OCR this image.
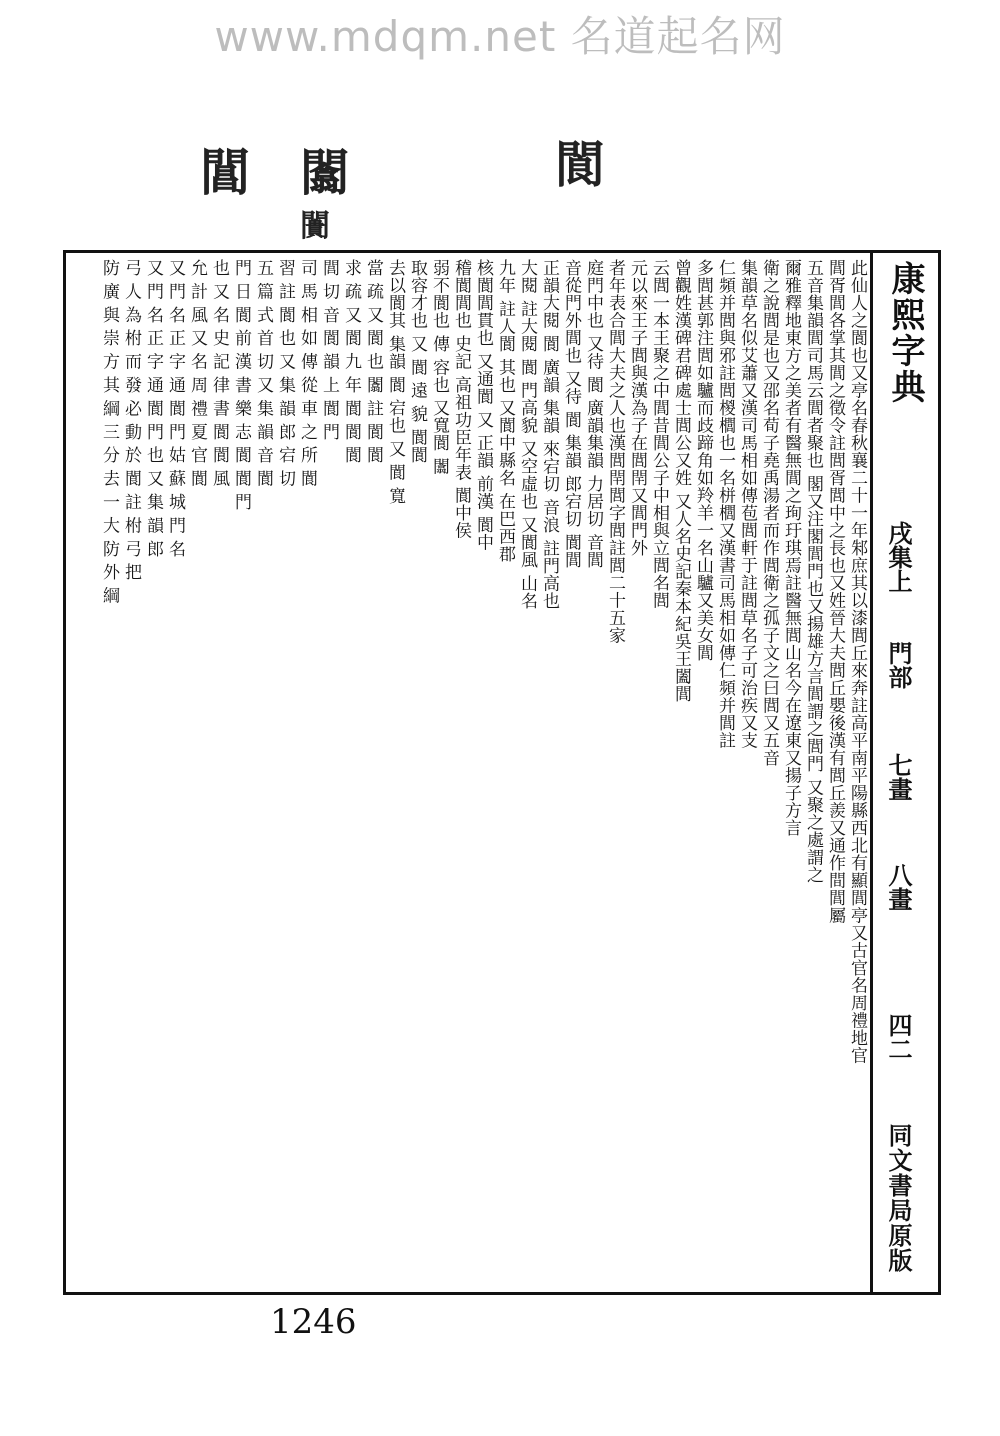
www.mdqm.net 名道起名网
閬
闟
闠
閶
康熙字典
戌集上
門部
七畫
八畫
四二
同文書局原版
此仙人之閬也又亭名春秋襄二十一年邾庶其以漆閭丘來奔註高平南平陽縣西北有顯閭亭又古官名周禮地官
閭胥閭各掌其閭之徵令註閭胥閭中之長也又姓晉大夫閭丘嬰後漢有閭丘羨又通作間閭屬
五音集韻閭司馬云閭者聚也 閣又注閣閭門也又揚雄方言閭謂之閭門 又聚之處謂之
爾雅釋地東方之美者有醫無閭之珣玗琪焉註醫無閭山名今在遼東又揚子方言
衛之說閭是也又邵名荀子堯禹湯者而作閭衛之孤子文之曰閭又五音
集韻草名似艾蕭又漢司馬相如傳苞閭軒于註閭草名子可治疾又支
仁頻并閭與邪註閭椶櫚也一名栟櫚又漢書司馬相如傳仁頻并閭註
多閭甚郭注閭如驢而歧蹄角如羚羊一名山驢又美女閭
曾觀姓漢碑君碑處士閭公又姓 又人名史記秦本紀吳王闔閭
云閭一本王聚之中閭昔閭公子中相與立閭名閭
元以來王子閭與漢為子在閭閈又閭門外
者年表合閭大夫之人也漢閭閈閭字閭註閭二十五家
庭門中也 又待 閬 廣韻集韻 力居切 音閭
音從門外閭也 又待 閬 集韻 郎宕切 閬閭
正韻大閱 閬 廣韻 集韻 來宕切 音浪 註門高也
大閱 註大閱 閬 門高貌 又空虛也 又閬風 山名
九年 註人閬 其也 又閬中縣名 在巴西郡
核閬閭貫也 又通閬 又 正韻 前漢 閬中
稽閬閭也 史記 高祖功臣年表 閬中侯
弱不閬也 傳 容也 又寬閬 闟
取容才也 又 閬 遠 貌 閬閬
去以閬其 集韻 閬 宕也 又 閬 寬
當 疏 又 閬 也 闟 註 閬 閬
求 疏 又 閬 九 年 閬 閬 閬
閭 切 音 閬 韻 上 閬 門
司 馬 相 如 傳 從 車 之 所 閬
習 註 閬 也 又 集 韻 郎 宕 切
五 篇 式 首 切 又 集 韻 音 閬
門 日 閬 前 漢 書 樂 志 閬 閬 門
也 又 名 史 記 律 書 閬 閬 風
允 計 風 又 名 周 禮 夏 官 閬
又 門 名 正 字 通 閬 門 姑 蘇 城 門 名
又 門 名 正 字 通 閬 門 也 又 集 韻 郎
弓 人 為 柎 而 發 必 動 於 閬 註 柎 弓 把
防 廣 與 崇 方 其 綱 三 分 去 一 大 防 外 綱
1246
